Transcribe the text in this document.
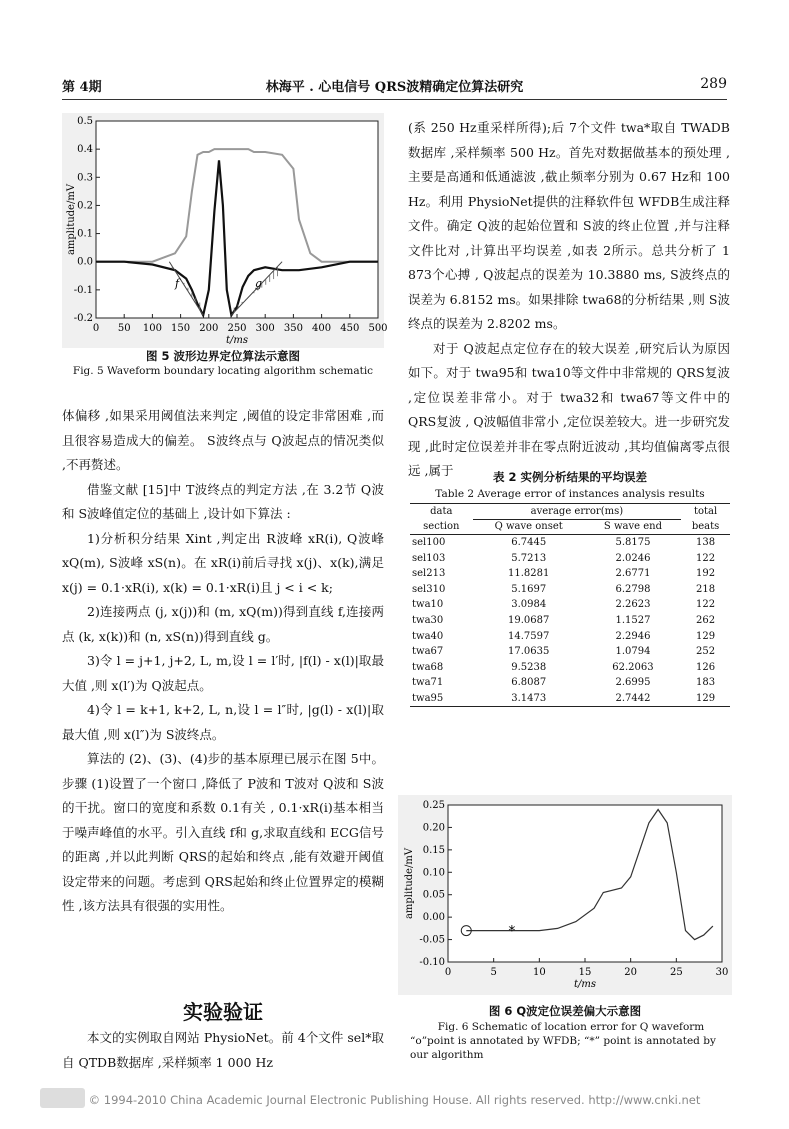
第 4期	林海平 . 心电信号 QRS波精确定位算法研究	289
0 50 100 150 200 250 300 350 400 450 500
0.5
0.4
0.3
0.2
0.1
0.0
-0.1
-0.2
t/ms
amplitude/mV
f	g
图 5 波形边界定位算法示意图
Fig. 5 Waveform boundary locating algorithm schematic

体偏移 ,如果采用阈值法来判定 ,阈值的设定非常困难 ,而且很容易造成大的偏差。 S波终点与 Q波起点的情况类似 ,不再赘述。

借鉴文献 [15]中 T波终点的判定方法 ,在 3.2节 Q波和 S波峰值定位的基础上 ,设计如下算法 :

1)分析积分结果 Xint ,判定出 R波峰 xR(i), Q波峰 xQ(m), S波峰 xS(n)。在 xR(i)前后寻找 x(j)、x(k),满足 x(j) = 0.1·xR(i), x(k) = 0.1·xR(i)且 j < i < k;

2)连接两点 (j, x(j))和 (m, xQ(m))得到直线 f,连接两点 (k, x(k))和 (n, xS(n))得到直线 g。

3)令 l = j+1, j+2, L, m,设 l = l′时, |f(l) - x(l)|取最大值 ,则 x(l′)为 Q波起点。

4)令 l = k+1, k+2, L, n,设 l = l″时, |g(l) - x(l)|取最大值 ,则 x(l″)为 S波终点。

算法的 (2)、(3)、(4)步的基本原理已展示在图 5中。步骤 (1)设置了一个窗口 ,降低了 P波和 T波对 Q波和 S波的干扰。窗口的宽度和系数 0.1有关 , 0.1·xR(i)基本相当于噪声峰值的水平。引入直线 f和 g,求取直线和 ECG信号的距离 ,并以此判断 QRS的起始和终点 ,能有效避开阈值设定带来的问题。考虑到 QRS起始和终止位置界定的模糊性 ,该方法具有很强的实用性。

实验验证

本文的实例取自网站 PhysioNet。前 4个文件 sel*取自 QTDB数据库 ,采样频率 1 000 Hz

(系 250 Hz重采样所得);后 7个文件 twa*取自 TWADB数据库 ,采样频率 500 Hz。首先对数据做基本的预处理 ,主要是高通和低通滤波 ,截止频率分别为 0.67 Hz和 100 Hz。利用 PhysioNet提供的注释软件包 WFDB生成注释文件。确定 Q波的起始位置和 S波的终止位置 ,并与注释文件比对 ,计算出平均误差 ,如表 2所示。总共分析了 1 873个心搏 , Q波起点的误差为 10.3880 ms, S波终点的误差为 6.8152 ms。如果排除 twa68的分析结果 ,则 S波终点的误差为 2.8202 ms。

对于 Q波起点定位存在的较大误差 ,研究后认为原因如下。对于 twa95和 twa10等文件中非常规的 QRS复波 ,定位误差非常小。对于 twa32和 twa67等文件中的 QRS复波 , Q波幅值非常小 ,定位误差较大。进一步研究发现 ,此时定位误差并非在零点附近波动 ,其均值偏离零点很远 ,属于	表 2 实例分析结果的平均误差
Table 2 Average error of instances analysis results
data	average error(ms)		total
section	Q wave onset	S wave end	beats
sel100	6.7445	5.8175	138
sel103	5.7213	2.0246	122
sel213	11.8281	2.6771	192
sel310	5.1697	6.2798	218
twa10	3.0984	2.2623	122
twa30	19.0687	1.1527	262
twa40	14.7597	2.2946	129
twa67	17.0635	1.0794	252
twa68	9.5238	62.2063	126
twa71	6.8087	2.6995	183
twa95	3.1473	2.7442	129
0	5	10	15	20	25	30
0.25
0.20
0.15
0.10
0.05
0.00
-0.05
-0.10
t/ms
amplitude/mV
*
图 6 Q波定位误差偏大示意图
Fig. 6 Schematic of location error for Q waveform
“o”point is annotated by WFDB; “*” point is annotated by our algorithm
© 1994-2010 China Academic Journal Electronic Publishing House. All rights reserved. http://www.cnki.net
